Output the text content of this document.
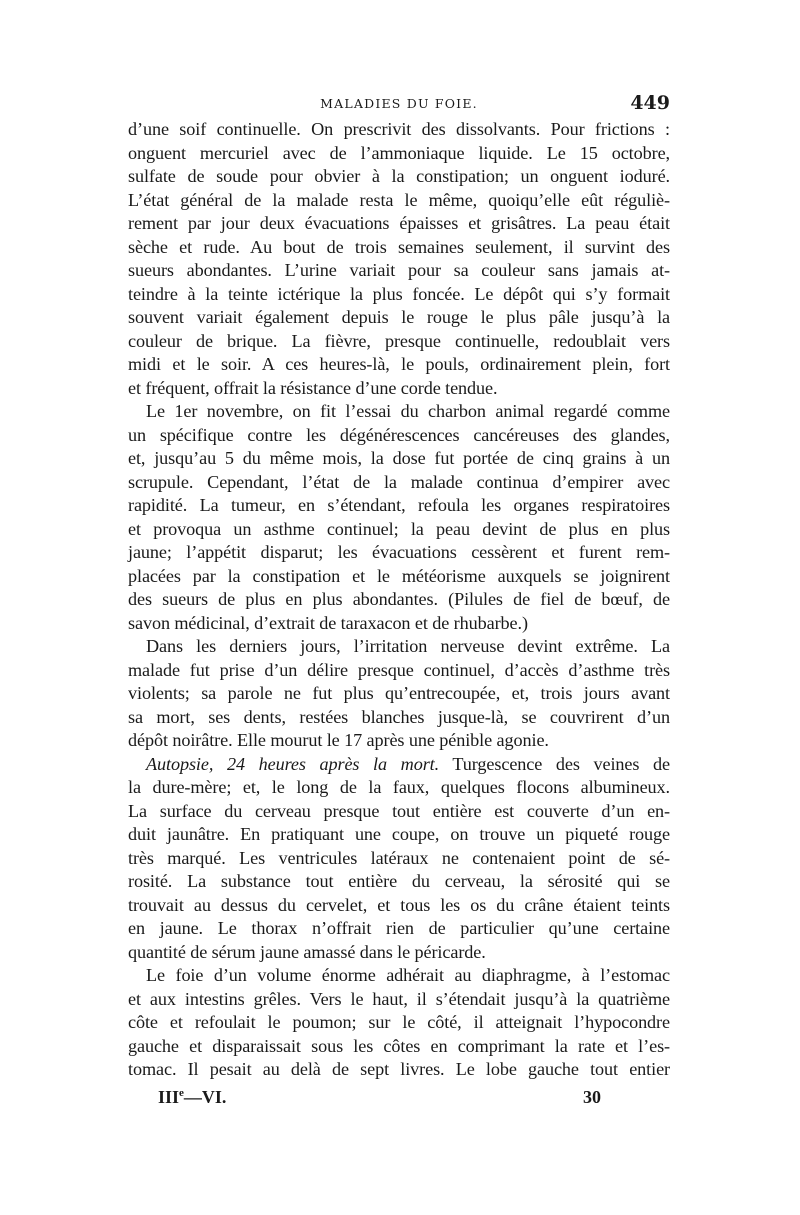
MALADIES DU FOIE.	449
d’une soif continuelle. On prescrivit des dissolvants. Pour frictions :
onguent mercuriel avec de l’ammoniaque liquide. Le 15 octobre,
sulfate de soude pour obvier à la constipation; un onguent ioduré.
L’état général de la malade resta le même, quoiqu’elle eût réguliè-
rement par jour deux évacuations épaisses et grisâtres. La peau était
sèche et rude. Au bout de trois semaines seulement, il survint des
sueurs abondantes. L’urine variait pour sa couleur sans jamais at-
teindre à la teinte ictérique la plus foncée. Le dépôt qui s’y formait
souvent variait également depuis le rouge le plus pâle jusqu’à la
couleur de brique. La fièvre, presque continuelle, redoublait vers
midi et le soir. A ces heures-là, le pouls, ordinairement plein, fort
et fréquent, offrait la résistance d’une corde tendue.
Le 1er novembre, on fit l’essai du charbon animal regardé comme
un spécifique contre les dégénérescences cancéreuses des glandes,
et, jusqu’au 5 du même mois, la dose fut portée de cinq grains à un
scrupule. Cependant, l’état de la malade continua d’empirer avec
rapidité. La tumeur, en s’étendant, refoula les organes respiratoires
et provoqua un asthme continuel; la peau devint de plus en plus
jaune; l’appétit disparut; les évacuations cessèrent et furent rem-
placées par la constipation et le météorisme auxquels se joignirent
des sueurs de plus en plus abondantes. (Pilules de fiel de bœuf, de
savon médicinal, d’extrait de taraxacon et de rhubarbe.)
Dans les derniers jours, l’irritation nerveuse devint extrême. La
malade fut prise d’un délire presque continuel, d’accès d’asthme très
violents; sa parole ne fut plus qu’entrecoupée, et, trois jours avant
sa mort, ses dents, restées blanches jusque-là, se couvrirent d’un
dépôt noirâtre. Elle mourut le 17 après une pénible agonie.
Autopsie, 24 heures après la mort. Turgescence des veines de
la dure-mère; et, le long de la faux, quelques flocons albumineux.
La surface du cerveau presque tout entière est couverte d’un en-
duit jaunâtre. En pratiquant une coupe, on trouve un piqueté rouge
très marqué. Les ventricules latéraux ne contenaient point de sé-
rosité. La substance tout entière du cerveau, la sérosité qui se
trouvait au dessus du cervelet, et tous les os du crâne étaient teints
en jaune. Le thorax n’offrait rien de particulier qu’une certaine
quantité de sérum jaune amassé dans le péricarde.
Le foie d’un volume énorme adhérait au diaphragme, à l’estomac
et aux intestins grêles. Vers le haut, il s’étendait jusqu’à la quatrième
côte et refoulait le poumon; sur le côté, il atteignait l’hypocondre
gauche et disparaissait sous les côtes en comprimant la rate et l’es-
tomac. Il pesait au delà de sept livres. Le lobe gauche tout entier
IIIe—VI.	30
